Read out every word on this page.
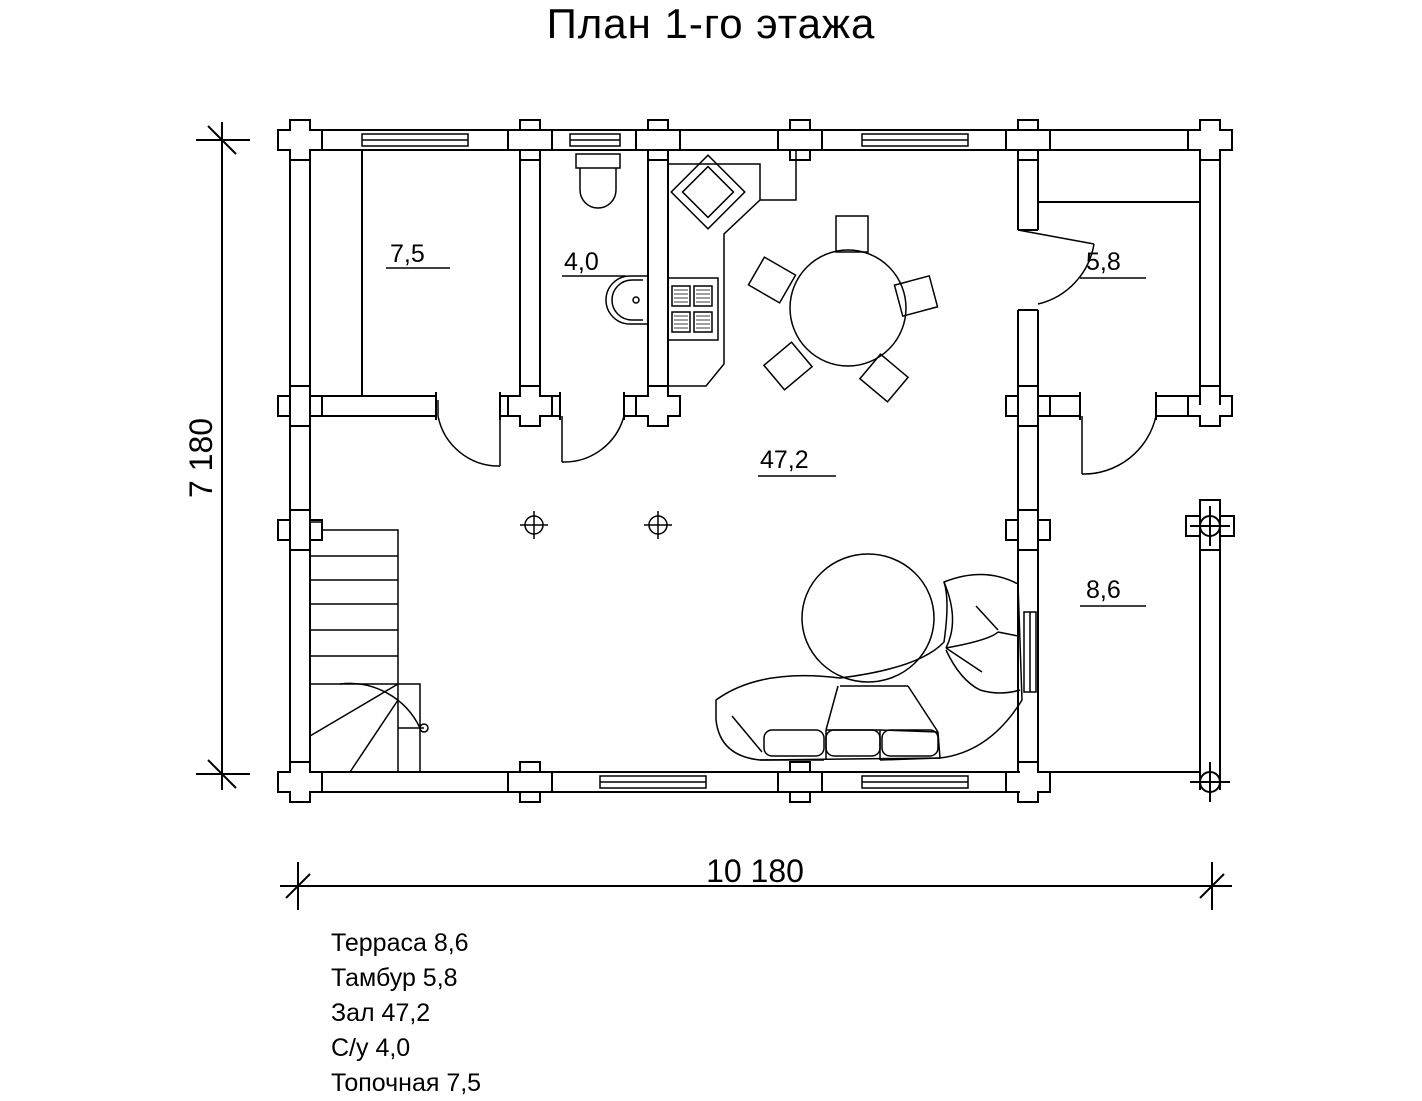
План 1-го этажа
7 180
10 180
7,5	4,0	5,8
47,2
8,6
Терраса 8,6
Тамбур 5,8
Зал 47,2
С/у 4,0
Топочная 7,5
